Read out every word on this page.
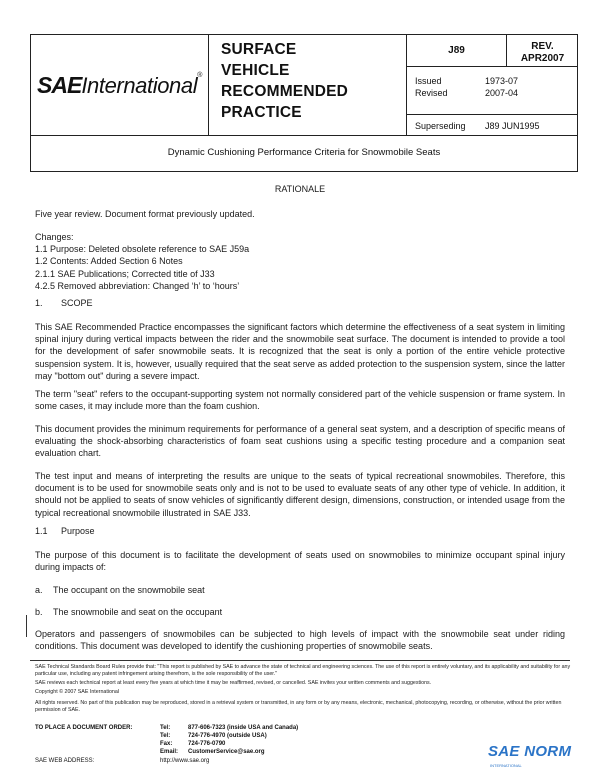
SAEInternational®
SURFACE
VEHICLE
RECOMMENDED
PRACTICE
J89	REV.
APR2007
Issued	1973-07
Revised	2007-04
Superseding J89 JUN1995
Dynamic Cushioning Performance Criteria for Snowmobile Seats

RATIONALE

Five year review. Document format previously updated.

Changes:

1.1 Purpose: Deleted obsolete reference to SAE J59a

1.2 Contents: Added Section 6 Notes

2.1.1 SAE Publications; Corrected title of J33

4.2.5 Removed abbreviation: Changed ‘h’ to ‘hours’

1. SCOPE

This SAE Recommended Practice encompasses the significant factors which determine the effectiveness of a seat system in limiting spinal injury during vertical impacts between the rider and the snowmobile seat surface. The document is intended to provide a tool for the development of safer snowmobile seats. It is recognized that the seat is only a portion of the entire vehicle protective suspension system. It is, however, usually required that the seat serve as added protection to the suspension system, since the latter may "bottom out" during a severe impact.

The term "seat" refers to the occupant-supporting system not normally considered part of the vehicle suspension or frame system. In some cases, it may include more than the foam cushion.

This document provides the minimum requirements for performance of a general seat system, and a description of specific means of evaluating the shock-absorbing characteristics of foam seat cushions using a specific testing procedure and a companion seat evaluation chart.

The test input and means of interpreting the results are unique to the seats of typical recreational snowmobiles. Therefore, this document is to be used for snowmobile seats only and is not to be used to evaluate seats of any other type of vehicle. In addition, it should not be applied to seats of snow vehicles of significantly different design, dimensions, construction, or intended usage from the typical recreational snowmobile illustrated in SAE J33.

1.1 Purpose

The purpose of this document is to facilitate the development of seats used on snowmobiles to minimize occupant spinal injury during impacts of:

a. The occupant on the snowmobile seat

b. The snowmobile and seat on the occupant

Operators and passengers of snowmobiles can be subjected to high levels of impact with the snowmobile seat under riding conditions. This document was developed to identify the cushioning properties of snowmobile seats.

SAE Technical Standards Board Rules provide that: "This report is published by SAE to advance the state of technical and engineering sciences. The use of this report is entirely voluntary, and its applicability and suitability for any particular use, including any patent infringement arising therefrom, is the sole responsibility of the user."
SAE reviews each technical report at least every five years at which time it may be reaffirmed, revised, or cancelled. SAE invites your written comments and suggestions.
Copyright © 2007 SAE International
All rights reserved. No part of this publication may be reproduced, stored in a retrieval system or transmitted, in any form or by any means, electronic, mechanical, photocopying, recording, or otherwise, without the prior written permission of SAE.
TO PLACE A DOCUMENT ORDER:	Tel:	877-606-7323 (inside USA and Canada)
Tel:	724-776-4970 (outside USA)
Fax:	724-776-0790
Email: CustomerService@sae.org
SAE WEB ADDRESS:	http://www.sae.org
SAE NORM
INTERNATIONAL
